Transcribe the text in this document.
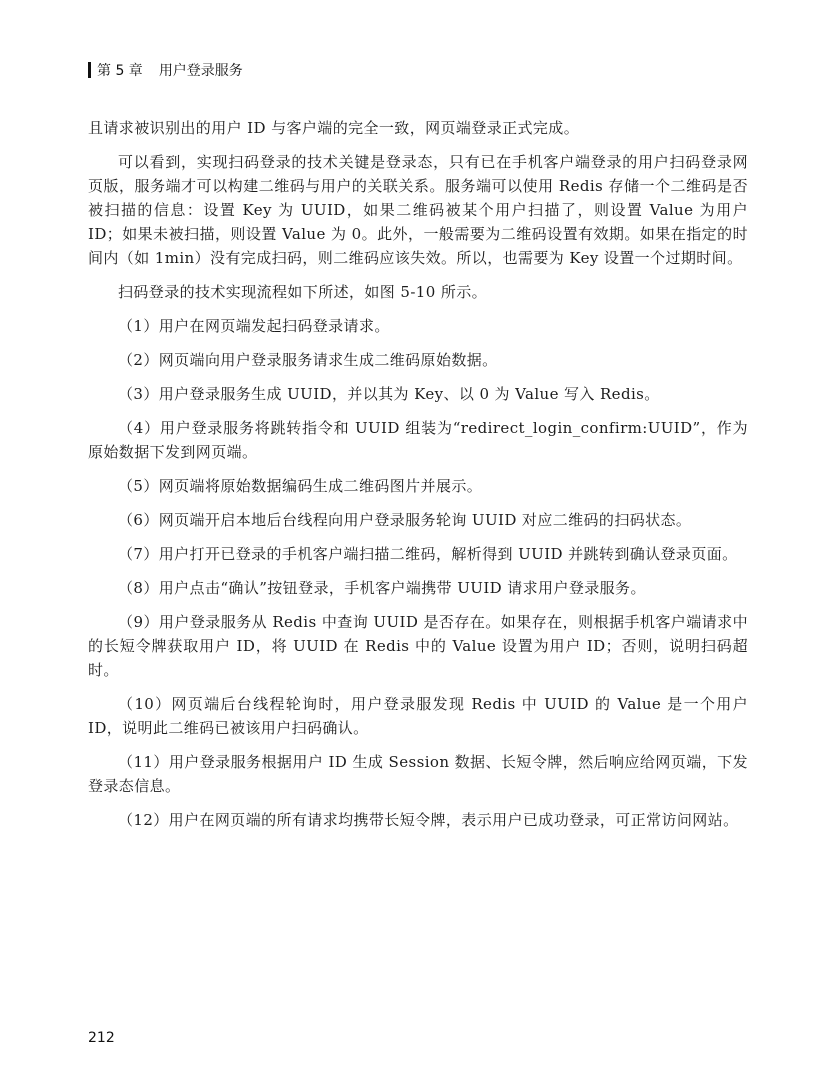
第 5 章 用户登录服务

且请求被识别出的用户 ID 与客户端的完全一致，网页端登录正式完成。

可以看到，实现扫码登录的技术关键是登录态，只有已在手机客户端登录的用户扫码登录网页版，服务端才可以构建二维码与用户的关联关系。服务端可以使用 Redis 存储一个二维码是否被扫描的信息：设置 Key 为 UUID，如果二维码被某个用户扫描了，则设置 Value 为用户 ID；如果未被扫描，则设置 Value 为 0。此外，一般需要为二维码设置有效期。如果在指定的时间内（如 1min）没有完成扫码，则二维码应该失效。所以，也需要为 Key 设置一个过期时间。

扫码登录的技术实现流程如下所述，如图 5-10 所示。

（1）用户在网页端发起扫码登录请求。

（2）网页端向用户登录服务请求生成二维码原始数据。

（3）用户登录服务生成 UUID，并以其为 Key、以 0 为 Value 写入 Redis。

（4）用户登录服务将跳转指令和 UUID 组装为“redirect_login_confirm:UUID”，作为原始数据下发到网页端。

（5）网页端将原始数据编码生成二维码图片并展示。

（6）网页端开启本地后台线程向用户登录服务轮询 UUID 对应二维码的扫码状态。

（7）用户打开已登录的手机客户端扫描二维码，解析得到 UUID 并跳转到确认登录页面。

（8）用户点击“确认”按钮登录，手机客户端携带 UUID 请求用户登录服务。

（9）用户登录服务从 Redis 中查询 UUID 是否存在。如果存在，则根据手机客户端请求中的长短令牌获取用户 ID，将 UUID 在 Redis 中的 Value 设置为用户 ID；否则，说明扫码超时。

（10）网页端后台线程轮询时，用户登录服发现 Redis 中 UUID 的 Value 是一个用户 ID，说明此二维码已被该用户扫码确认。

（11）用户登录服务根据用户 ID 生成 Session 数据、长短令牌，然后响应给网页端，下发登录态信息。

（12）用户在网页端的所有请求均携带长短令牌，表示用户已成功登录，可正常访问网站。

212
